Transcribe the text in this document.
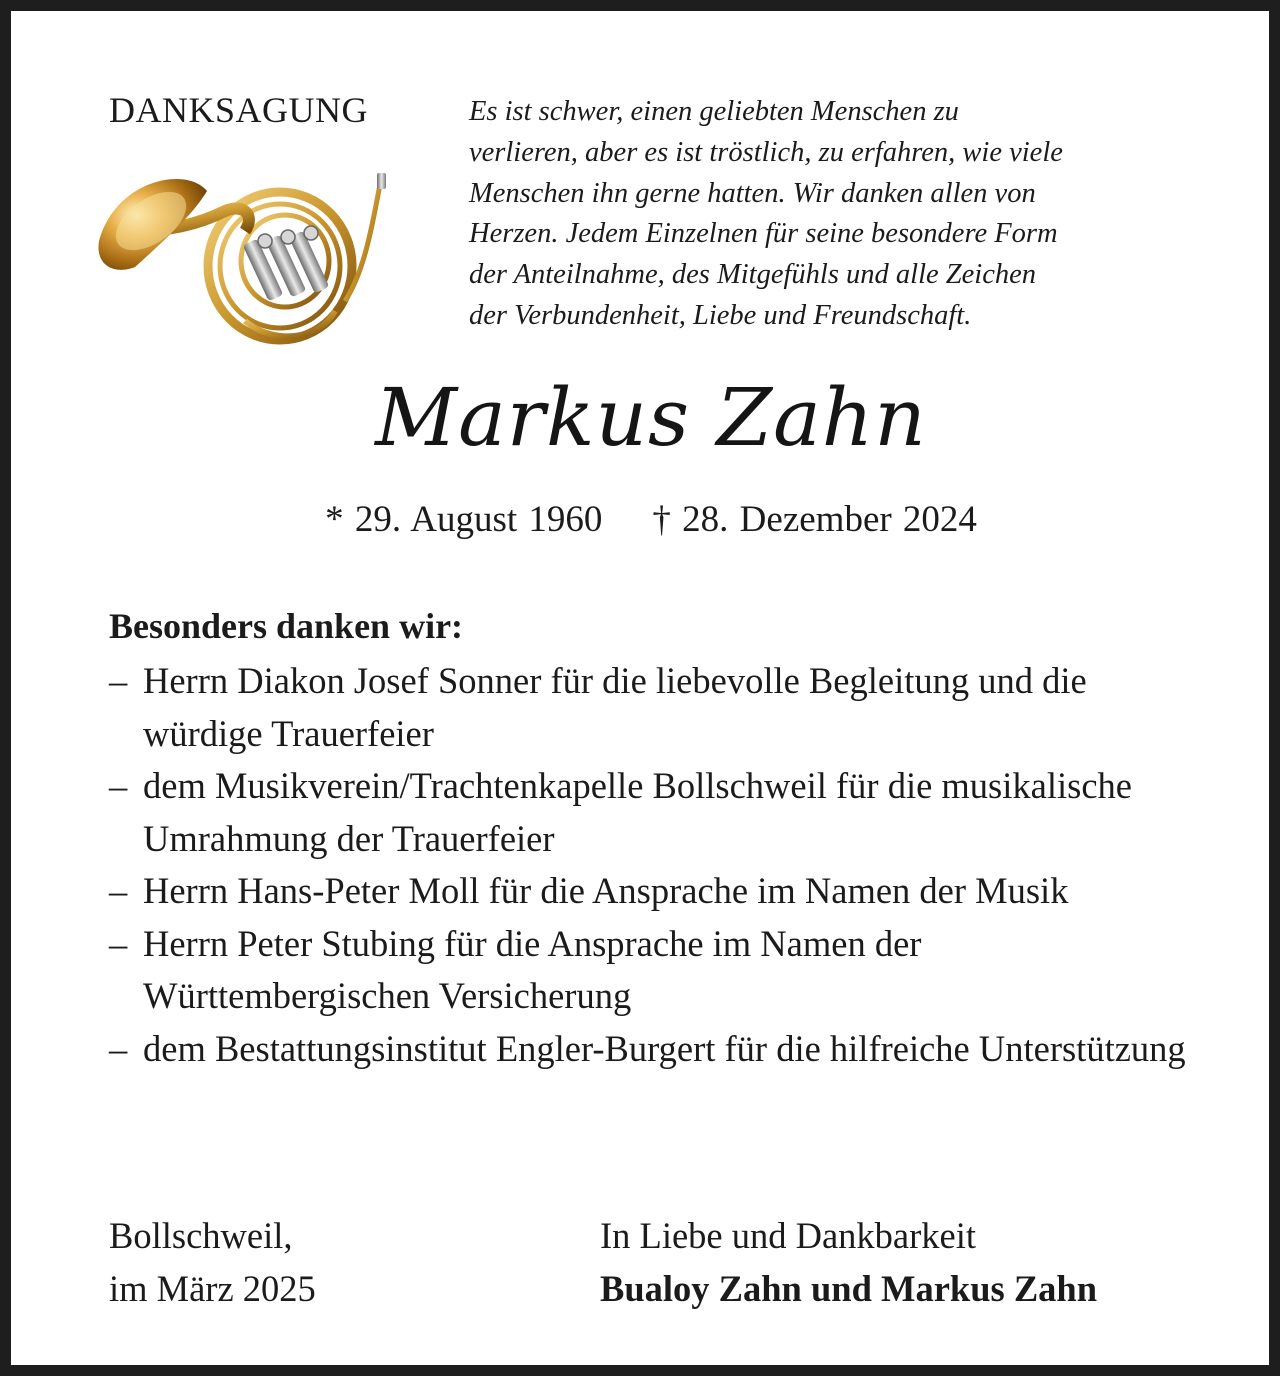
DANKSAGUNG	Es ist schwer, einen geliebten Menschen zu
verlieren, aber es ist tröstlich, zu erfahren, wie viele
Menschen ihn gerne hatten. Wir danken allen von
Herzen. Jedem Einzelnen für seine besondere Form
der Anteilnahme, des Mitgefühls und alle Zeichen
der Verbundenheit, Liebe und Freundschaft.
Markus Zahn
* 29. August 1960 † 28. Dezember 2024
Besonders danken wir:
– Herrn Diakon Josef Sonner für die liebevolle Begleitung und die würdige Trauerfeier
– dem Musikverein/Trachtenkapelle Bollschweil für die musikalische Umrahmung der Trauerfeier
– Herrn Hans-Peter Moll für die Ansprache im Namen der Musik
– Herrn Peter Stubing für die Ansprache im Namen der Württembergischen Versicherung
– dem Bestattungsinstitut Engler-Burgert für die hilfreiche Unterstützung
Bollschweil,
im März 2025
In Liebe und Dankbarkeit
Bualoy Zahn und Markus Zahn
